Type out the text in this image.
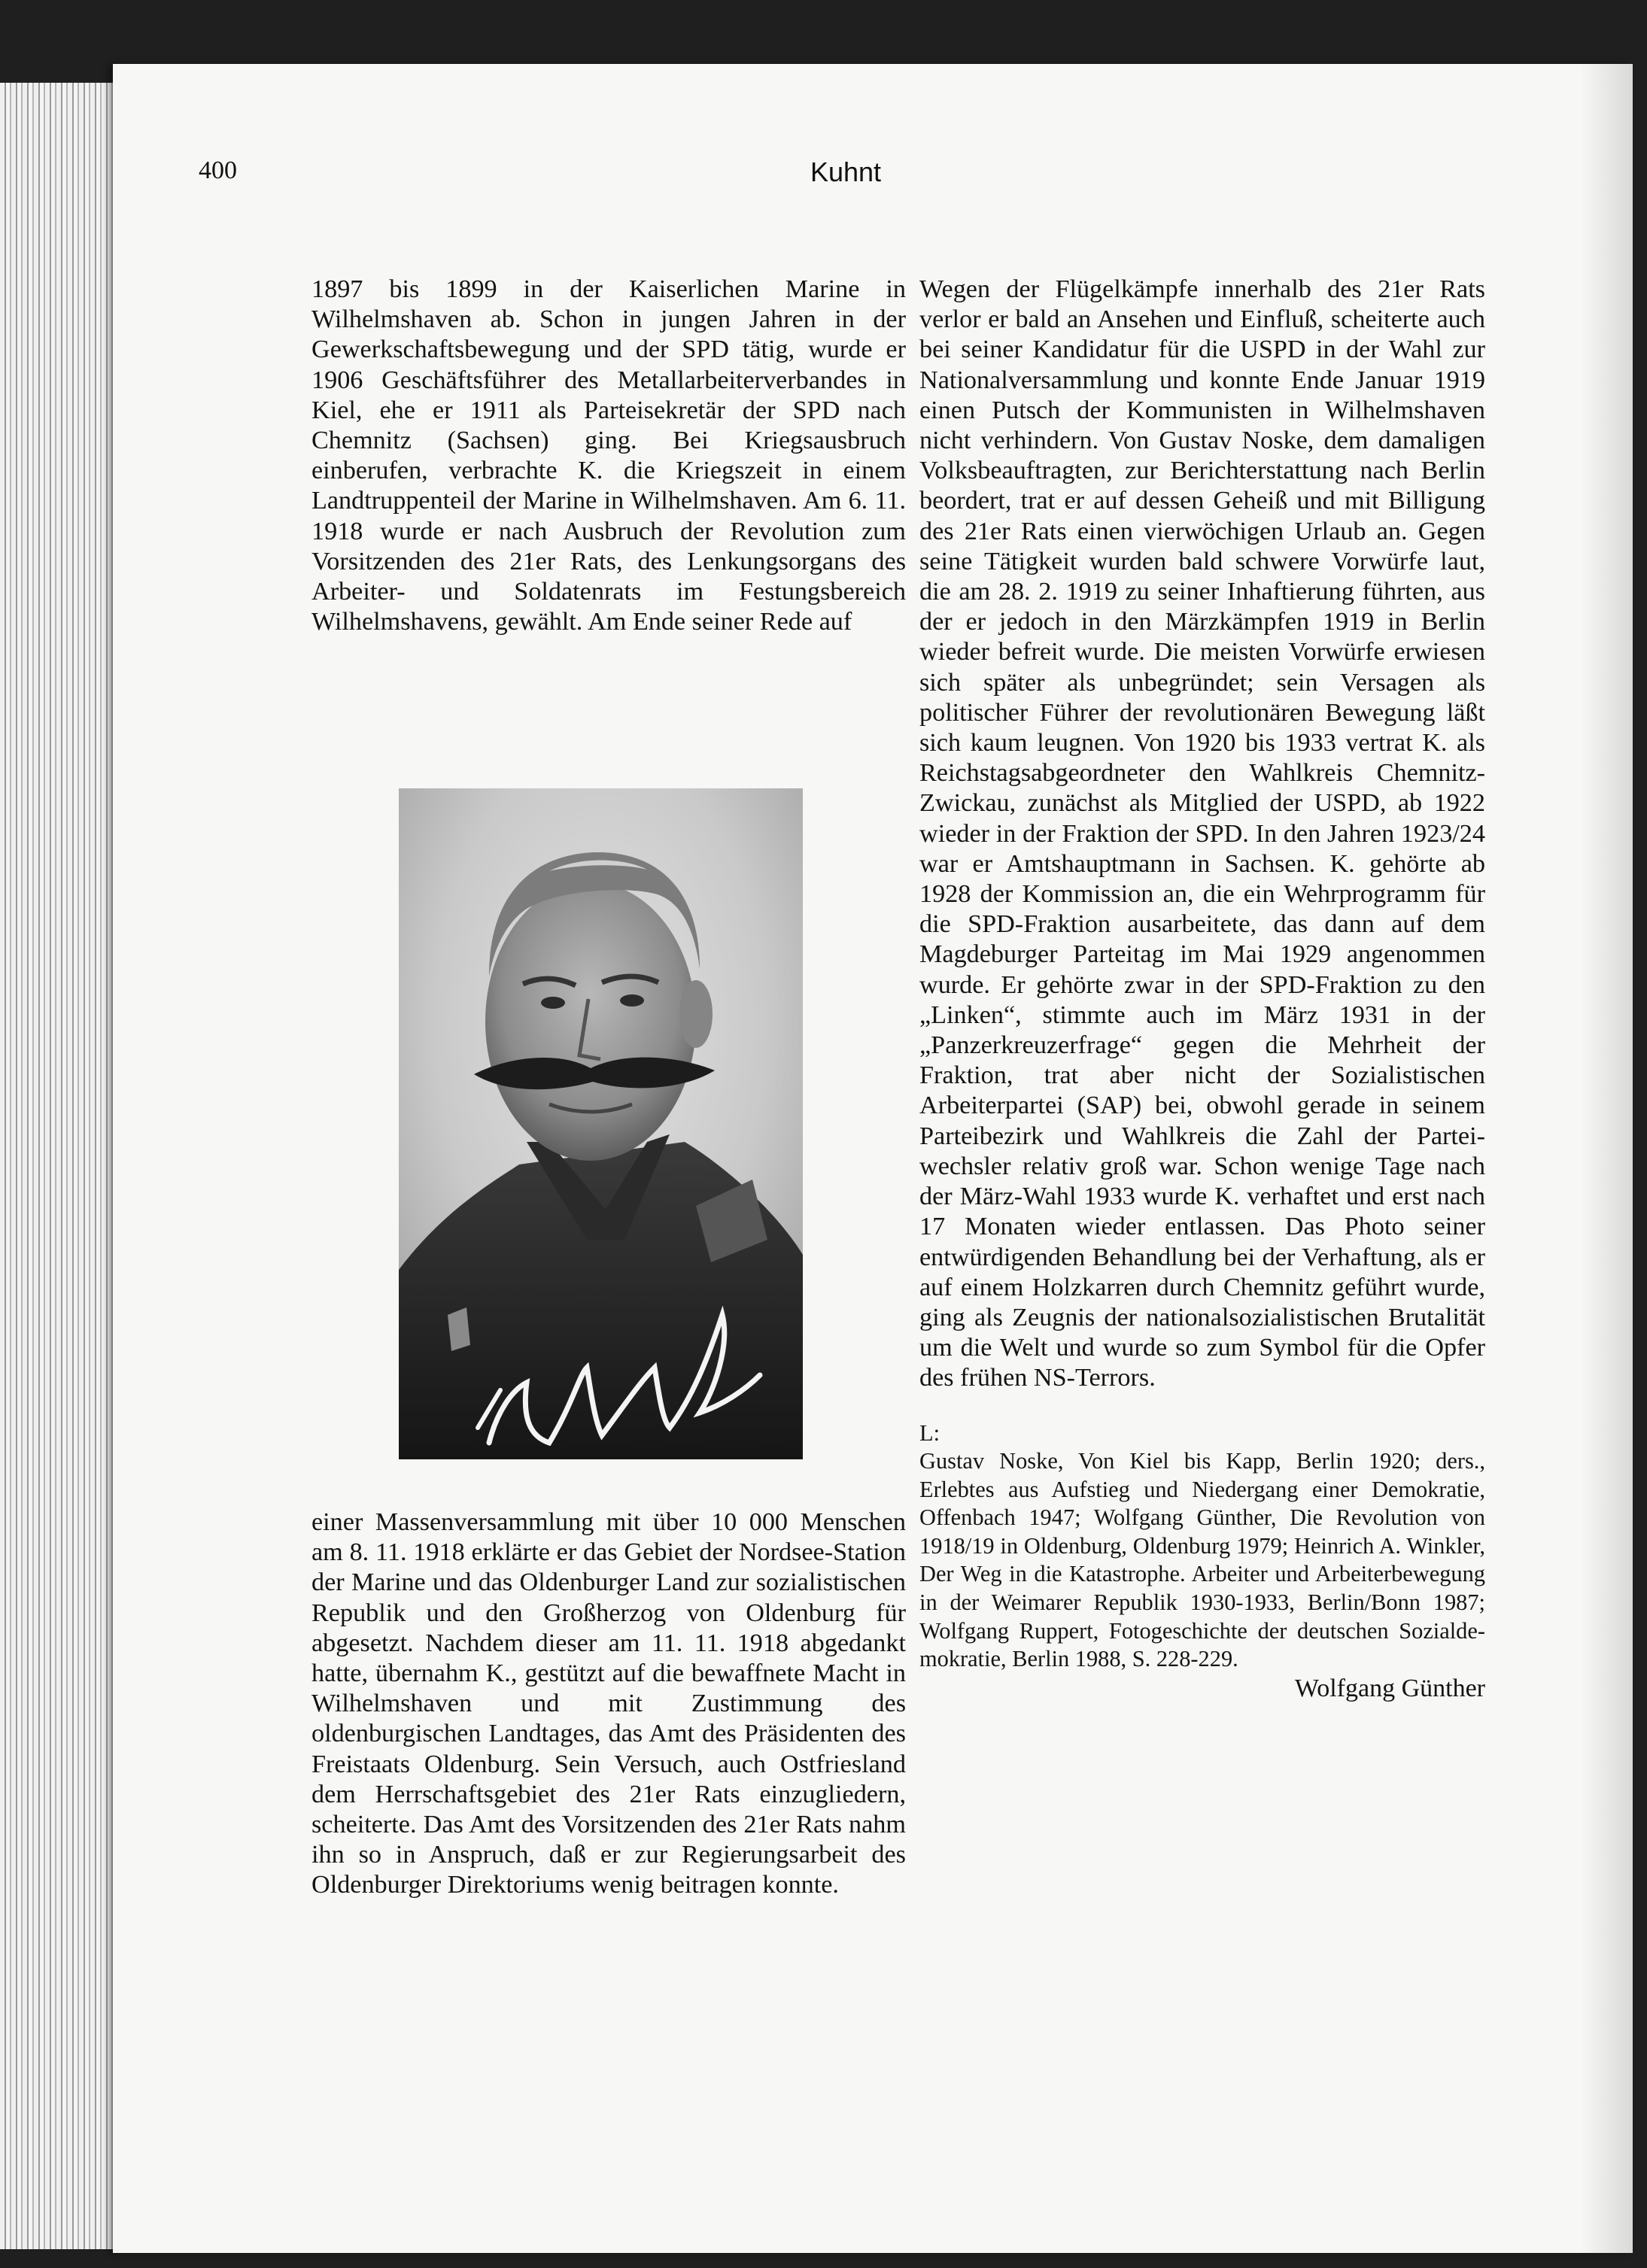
400	Kuhnt

1897 bis 1899 in der Kaiserlichen Marine in Wilhelmshaven ab. Schon in jungen Jahren in der Gewerkschaftsbewegung und der SPD tätig, wurde er 1906 Geschäftsführer des Metallarbeiterverbandes in Kiel, ehe er 1911 als Parteisekretär der SPD nach Chemnitz (Sachsen) ging. Bei Kriegsausbruch einberufen, verbrachte K. die Kriegszeit in einem Landtruppenteil der Marine in Wilhelmshaven. Am 6. 11. 1918 wurde er nach Ausbruch der Revolution zum Vorsitzenden des 21er Rats, des Lenkungsorgans des Arbeiter- und Soldatenrats im Festungsbereich Wilhelmshavens, gewählt. Am Ende seiner Rede auf

einer Massenversammlung mit über 10 000 Menschen am 8. 11. 1918 erklärte er das Gebiet der Nordsee-Station der Marine und das Oldenburger Land zur sozialistischen Republik und den Großherzog von Oldenburg für abgesetzt. Nachdem dieser am 11. 11. 1918 abgedankt hatte, übernahm K., gestützt auf die bewaffnete Macht in Wilhelmshaven und mit Zustimmung des oldenburgischen Landtages, das Amt des Präsidenten des Freistaats Oldenburg. Sein Versuch, auch Ostfriesland dem Herrschaftsgebiet des 21er Rats einzugliedern, scheiterte. Das Amt des Vorsitzenden des 21er Rats nahm ihn so in Anspruch, daß er zur Regierungsarbeit des Oldenburger Direktoriums wenig beitragen konnte.

Wegen der Flügelkämpfe innerhalb des 21er Rats verlor er bald an Ansehen und Einfluß, scheiterte auch bei seiner Kandidatur für die USPD in der Wahl zur Nationalversammlung und konnte Ende Januar 1919 einen Putsch der Kommunisten in Wilhelmshaven nicht verhindern. Von Gustav Noske, dem damaligen Volksbeauftragten, zur Berichterstattung nach Berlin beordert, trat er auf dessen Geheiß und mit Billigung des 21er Rats einen vierwöchigen Urlaub an. Gegen seine Tätigkeit wurden bald schwere Vorwürfe laut, die am 28. 2. 1919 zu seiner Inhaftierung führten, aus der er jedoch in den Märzkämpfen 1919 in Berlin wieder befreit wurde. Die meisten Vorwürfe erwiesen sich später als unbegründet; sein Versagen als politischer Führer der revolutionären Bewegung läßt sich kaum leugnen. Von 1920 bis 1933 vertrat K. als Reichstagsabgeordneter den Wahlkreis Chemnitz-Zwickau, zunächst als Mitglied der USPD, ab 1922 wieder in der Fraktion der SPD. In den Jahren 1923/24 war er Amtshauptmann in Sachsen. K. gehörte ab 1928 der Kommission an, die ein Wehrprogramm für die SPD-Fraktion ausarbeitete, das dann auf dem Magdeburger Parteitag im Mai 1929 angenommen wurde. Er gehörte zwar in der SPD-Fraktion zu den „Linken“, stimmte auch im März 1931 in der „Panzerkreuzerfrage“ gegen die Mehrheit der Fraktion, trat aber nicht der Sozialistischen Arbeiterpartei (SAP) bei, obwohl gerade in seinem Parteibezirk und Wahlkreis die Zahl der Parteiwechsler relativ groß war. Schon wenige Tage nach der März-Wahl 1933 wurde K. verhaftet und erst nach 17 Monaten wieder entlassen. Das Photo seiner entwürdigenden Behandlung bei der Verhaftung, als er auf einem Holzkarren durch Chemnitz geführt wurde, ging als Zeugnis der nationalsozialistischen Brutalität um die Welt und wurde so zum Symbol für die Opfer des frühen NS-Terrors.

L:

Gustav Noske, Von Kiel bis Kapp, Berlin 1920; ders., Erlebtes aus Aufstieg und Niedergang einer Demokratie, Offenbach 1947; Wolfgang Günther, Die Revolution von 1918/19 in Oldenburg, Oldenburg 1979; Heinrich A. Winkler, Der Weg in die Katastrophe. Arbeiter und Arbeiterbewegung in der Weimarer Republik 1930-1933, Berlin/Bonn 1987; Wolfgang Ruppert, Fotogeschichte der deutschen Sozialdemokratie, Berlin 1988, S. 228-229.

Wolfgang Günther
